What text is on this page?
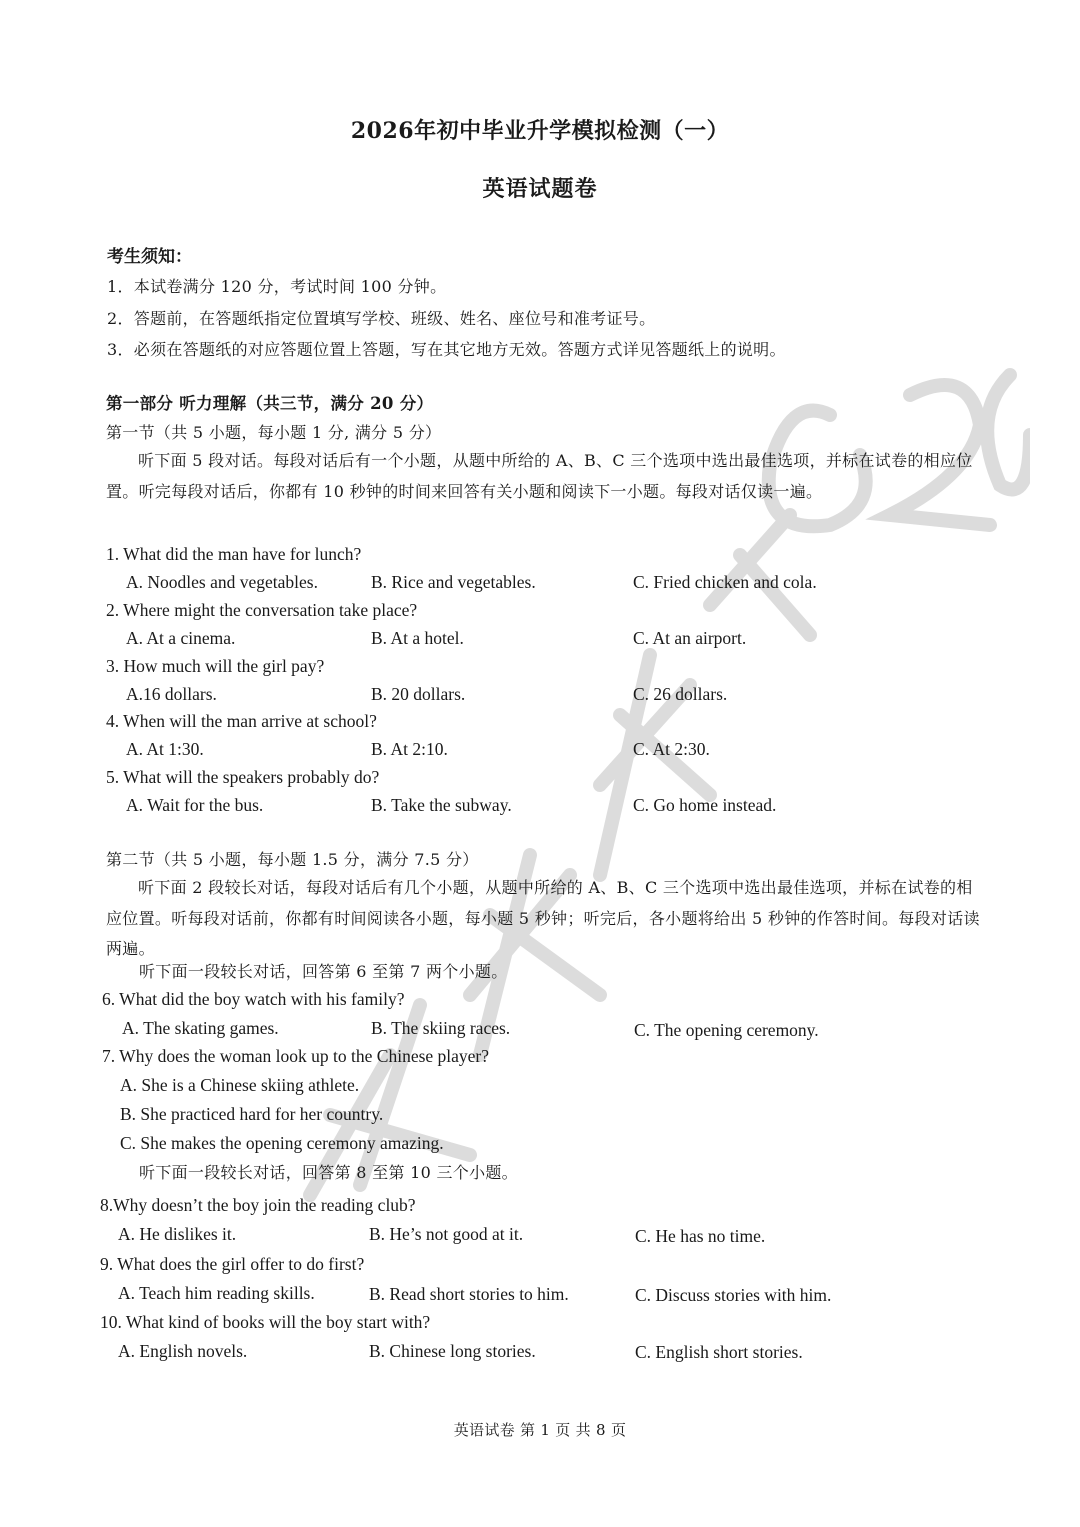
2026年初中毕业升学模拟检测（一）
英语试题卷
考生须知：
1．本试卷满分 120 分，考试时间 100 分钟。
2．答题前，在答题纸指定位置填写学校、班级、姓名、座位号和准考证号。
3．必须在答题纸的对应答题位置上答题，写在其它地方无效。答题方式详见答题纸上的说明。
第一部分 听力理解（共三节，满分 20 分）
第一节（共 5 小题，每小题 1 分, 满分 5 分）
听下面 5 段对话。每段对话后有一个小题，从题中所给的 A、B、C 三个选项中选出最佳选项，并标在试卷的相应位置。听完每段对话后，你都有 10 秒钟的时间来回答有关小题和阅读下一小题。每段对话仅读一遍。
1. What did the man have for lunch?
A. Noodles and vegetables.	B. Rice and vegetables.	C. Fried chicken and cola.
2. Where might the conversation take place?
A. At a cinema.	B. At a hotel.	C. At an airport.
3. How much will the girl pay?
A.16 dollars.	B. 20 dollars.	C. 26 dollars.
4. When will the man arrive at school?
A. At 1:30.	B. At 2:10.	C. At 2:30.
5. What will the speakers probably do?
A. Wait for the bus.	B. Take the subway.	C. Go home instead.
第二节（共 5 小题，每小题 1.5 分，满分 7.5 分）
听下面 2 段较长对话，每段对话后有几个小题，从题中所给的 A、B、C 三个选项中选出最佳选项，并标在试卷的相应位置。听每段对话前，你都有时间阅读各小题，每小题 5 秒钟；听完后，各小题将给出 5 秒钟的作答时间。每段对话读两遍。
听下面一段较长对话，回答第 6 至第 7 两个小题。
6. What did the boy watch with his family?
A. The skating games.	B. The skiing races.	C. The opening ceremony.
7. Why does the woman look up to the Chinese player?
A. She is a Chinese skiing athlete.
B. She practiced hard for her country.
C. She makes the opening ceremony amazing.
听下面一段较长对话，回答第 8 至第 10 三个小题。
8.Why doesn’t the boy join the reading club?
A. He dislikes it.	B. He’s not good at it.	C. He has no time.
9. What does the girl offer to do first?
A. Teach him reading skills.	B. Read short stories to him.	C. Discuss stories with him.
10. What kind of books will the boy start with?
A. English novels.	B. Chinese long stories.	C. English short stories.
英语试卷 第 1 页 共 8 页
